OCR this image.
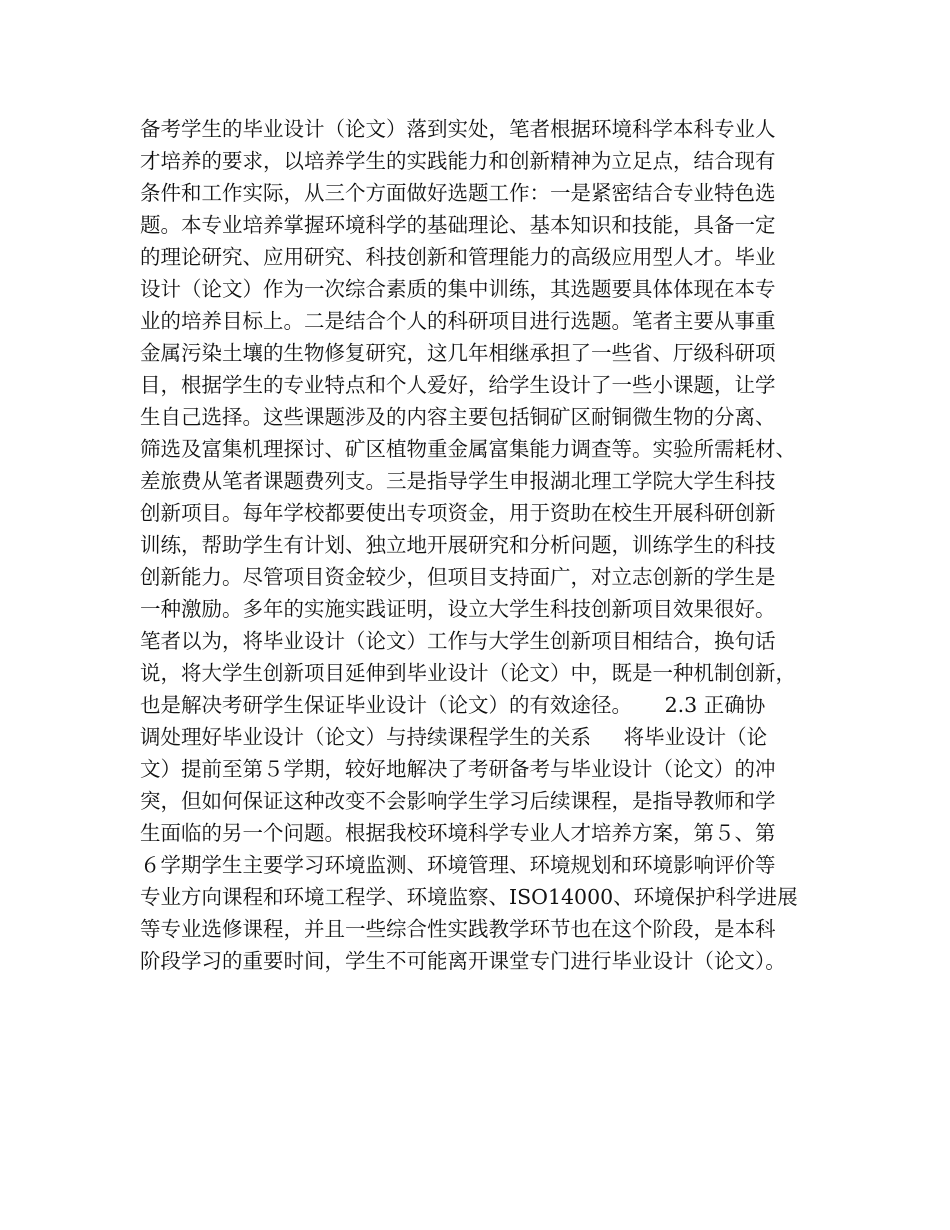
备考学生的毕业设计（论文）落到实处，笔者根据环境科学本科专业人
才培养的要求，以培养学生的实践能力和创新精神为立足点，结合现有
条件和工作实际，从三个方面做好选题工作：一是紧密结合专业特色选
题。本专业培养掌握环境科学的基础理论、基本知识和技能，具备一定
的理论研究、应用研究、科技创新和管理能力的高级应用型人才。毕业
设计（论文）作为一次综合素质的集中训练，其选题要具体体现在本专
业的培养目标上。二是结合个人的科研项目进行选题。笔者主要从事重
金属污染土壤的生物修复研究，这几年相继承担了一些省、厅级科研项
目，根据学生的专业特点和个人爱好，给学生设计了一些小课题，让学
生自己选择。这些课题涉及的内容主要包括铜矿区耐铜微生物的分离、
筛选及富集机理探讨、矿区植物重金属富集能力调查等。实验所需耗材、
差旅费从笔者课题费列支。三是指导学生申报湖北理工学院大学生科技
创新项目。每年学校都要使出专项资金，用于资助在校生开展科研创新
训练，帮助学生有计划、独立地开展研究和分析问题，训练学生的科技
创新能力。尽管项目资金较少，但项目支持面广，对立志创新的学生是
一种激励。多年的实施实践证明，设立大学生科技创新项目效果很好。
笔者以为，将毕业设计（论文）工作与大学生创新项目相结合，换句话
说，将大学生创新项目延伸到毕业设计（论文）中，既是一种机制创新，
也是解决考研学生保证毕业设计（论文）的有效途径。     2.3 正确协
调处理好毕业设计（论文）与持续课程学生的关系     将毕业设计（论
文）提前至第５学期，较好地解决了考研备考与毕业设计（论文）的冲
突，但如何保证这种改变不会影响学生学习后续课程，是指导教师和学
生面临的另一个问题。根据我校环境科学专业人才培养方案，第５、第
６学期学生主要学习环境监测、环境管理、环境规划和环境影响评价等
专业方向课程和环境工程学、环境监察、ISO14000、环境保护科学进展
等专业选修课程，并且一些综合性实践教学环节也在这个阶段，是本科
阶段学习的重要时间，学生不可能离开课堂专门进行毕业设计（论文）。
